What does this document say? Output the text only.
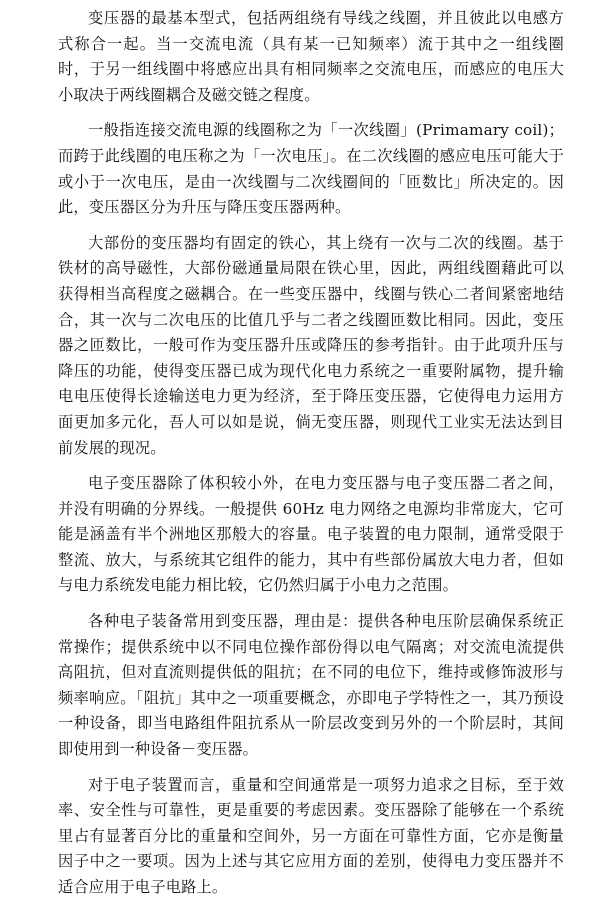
变压器的最基本型式，包括两组绕有导线之线圈，并且彼此以电感方式称合一起。当一交流电流（具有某一已知频率）流于其中之一组线圈时，于另一组线圈中将感应出具有相同频率之交流电压，而感应的电压大小取决于两线圈耦合及磁交链之程度。

一般指连接交流电源的线圈称之为「一次线圈」(Primamary coil)；而跨于此线圈的电压称之为「一次电压」。在二次线圈的感应电压可能大于或小于一次电压，是由一次线圈与二次线圈间的「匝数比」所决定的。因此，变压器区分为升压与降压变压器两种。

大部份的变压器均有固定的铁心，其上绕有一次与二次的线圈。基于铁材的高导磁性，大部份磁通量局限在铁心里，因此，两组线圈藉此可以获得相当高程度之磁耦合。在一些变压器中，线圈与铁心二者间紧密地结合，其一次与二次电压的比值几乎与二者之线圈匝数比相同。因此，变压器之匝数比，一般可作为变压器升压或降压的参考指针。由于此项升压与降压的功能，使得变压器已成为现代化电力系统之一重要附属物，提升输电电压使得长途输送电力更为经济，至于降压变压器，它使得电力运用方面更加多元化，吾人可以如是说，倘无变压器，则现代工业实无法达到目前发展的现况。

电子变压器除了体积较小外，在电力变压器与电子变压器二者之间，并没有明确的分界线。一般提供 60Hz 电力网络之电源均非常庞大，它可能是涵盖有半个洲地区那般大的容量。电子装置的电力限制，通常受限于整流、放大，与系统其它组件的能力，其中有些部份属放大电力者，但如与电力系统发电能力相比较，它仍然归属于小电力之范围。

各种电子装备常用到变压器，理由是：提供各种电压阶层确保系统正常操作；提供系统中以不同电位操作部份得以电气隔离；对交流电流提供高阻抗，但对直流则提供低的阻抗；在不同的电位下，维持或修饰波形与频率响应。「阻抗」其中之一项重要概念，亦即电子学特性之一，其乃预设一种设备，即当电路组件阻抗系从一阶层改变到另外的一个阶层时，其间即使用到一种设备－变压器。

对于电子装置而言，重量和空间通常是一项努力追求之目标，至于效率、安全性与可靠性，更是重要的考虑因素。变压器除了能够在一个系统里占有显著百分比的重量和空间外，另一方面在可靠性方面，它亦是衡量因子中之一要项。因为上述与其它应用方面的差别，使得电力变压器并不适合应用于电子电路上。
